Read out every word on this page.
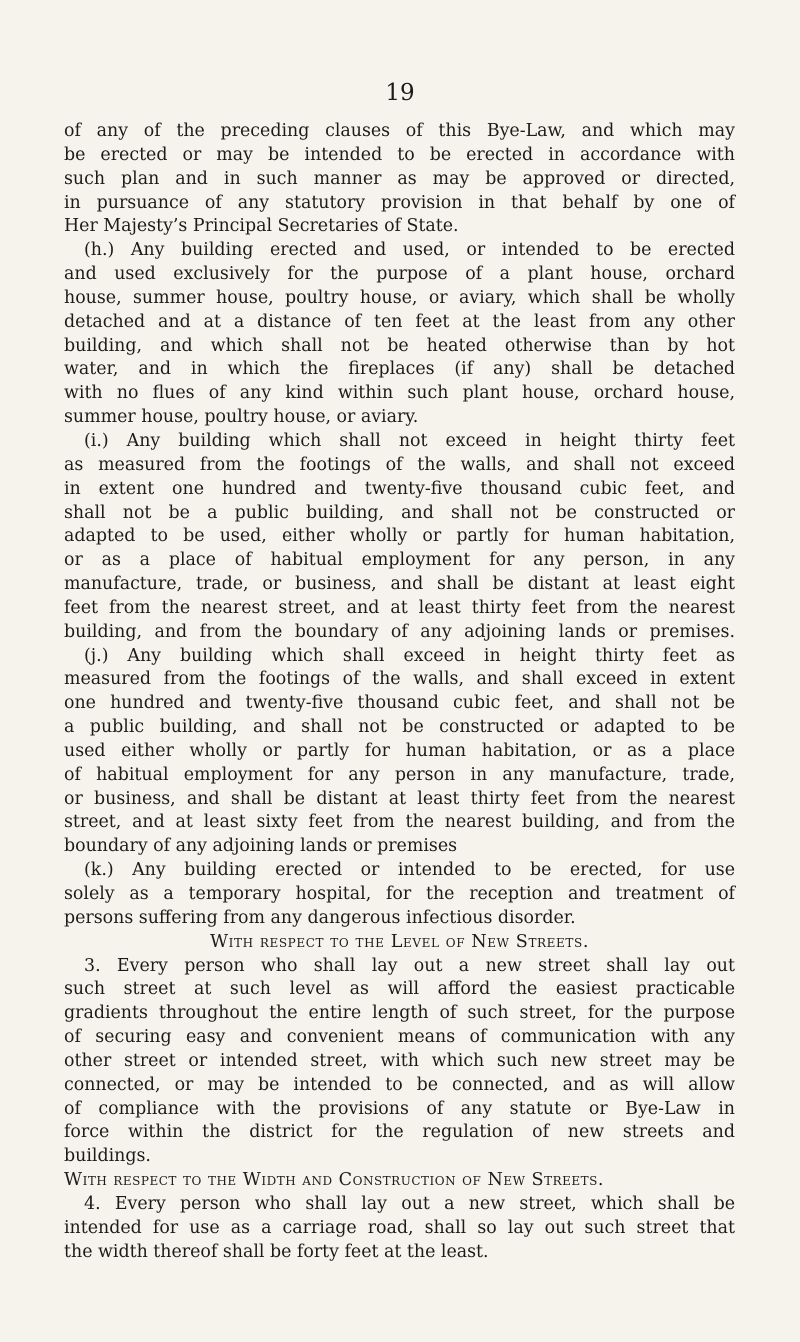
19
of any of the preceding clauses of this Bye-Law, and which may
be erected or may be intended to be erected in accordance with
such plan and in such manner as may be approved or directed,
in pursuance of any statutory provision in that behalf by one of
Her Majesty’s Principal Secretaries of State.
(h.) Any building erected and used, or intended to be erected
and used exclusively for the purpose of a plant house, orchard
house, summer house, poultry house, or aviary, which shall be wholly
detached and at a distance of ten feet at the least from any other
building, and which shall not be heated otherwise than by hot
water, and in which the fireplaces (if any) shall be detached
with no flues of any kind within such plant house, orchard house,
summer house, poultry house, or aviary.
(i.) Any building which shall not exceed in height thirty feet
as measured from the footings of the walls, and shall not exceed
in extent one hundred and twenty-five thousand cubic feet, and
shall not be a public building, and shall not be constructed or
adapted to be used, either wholly or partly for human habitation,
or as a place of habitual employment for any person, in any
manufacture, trade, or business, and shall be distant at least eight
feet from the nearest street, and at least thirty feet from the nearest
building, and from the boundary of any adjoining lands or premises.
(j.) Any building which shall exceed in height thirty feet as
measured from the footings of the walls, and shall exceed in extent
one hundred and twenty-five thousand cubic feet, and shall not be
a public building, and shall not be constructed or adapted to be
used either wholly or partly for human habitation, or as a place
of habitual employment for any person in any manufacture, trade,
or business, and shall be distant at least thirty feet from the nearest
street, and at least sixty feet from the nearest building, and from the
boundary of any adjoining lands or premises
(k.) Any building erected or intended to be erected, for use
solely as a temporary hospital, for the reception and treatment of
persons suffering from any dangerous infectious disorder.
With respect to the Level of New Streets.
3. Every person who shall lay out a new street shall lay out
such street at such level as will afford the easiest practicable
gradients throughout the entire length of such street, for the purpose
of securing easy and convenient means of communication with any
other street or intended street, with which such new street may be
connected, or may be intended to be connected, and as will allow
of compliance with the provisions of any statute or Bye-Law in
force within the district for the regulation of new streets and
buildings.
With respect to the Width and Construction of New Streets.
4. Every person who shall lay out a new street, which shall be
intended for use as a carriage road, shall so lay out such street that
the width thereof shall be forty feet at the least.
